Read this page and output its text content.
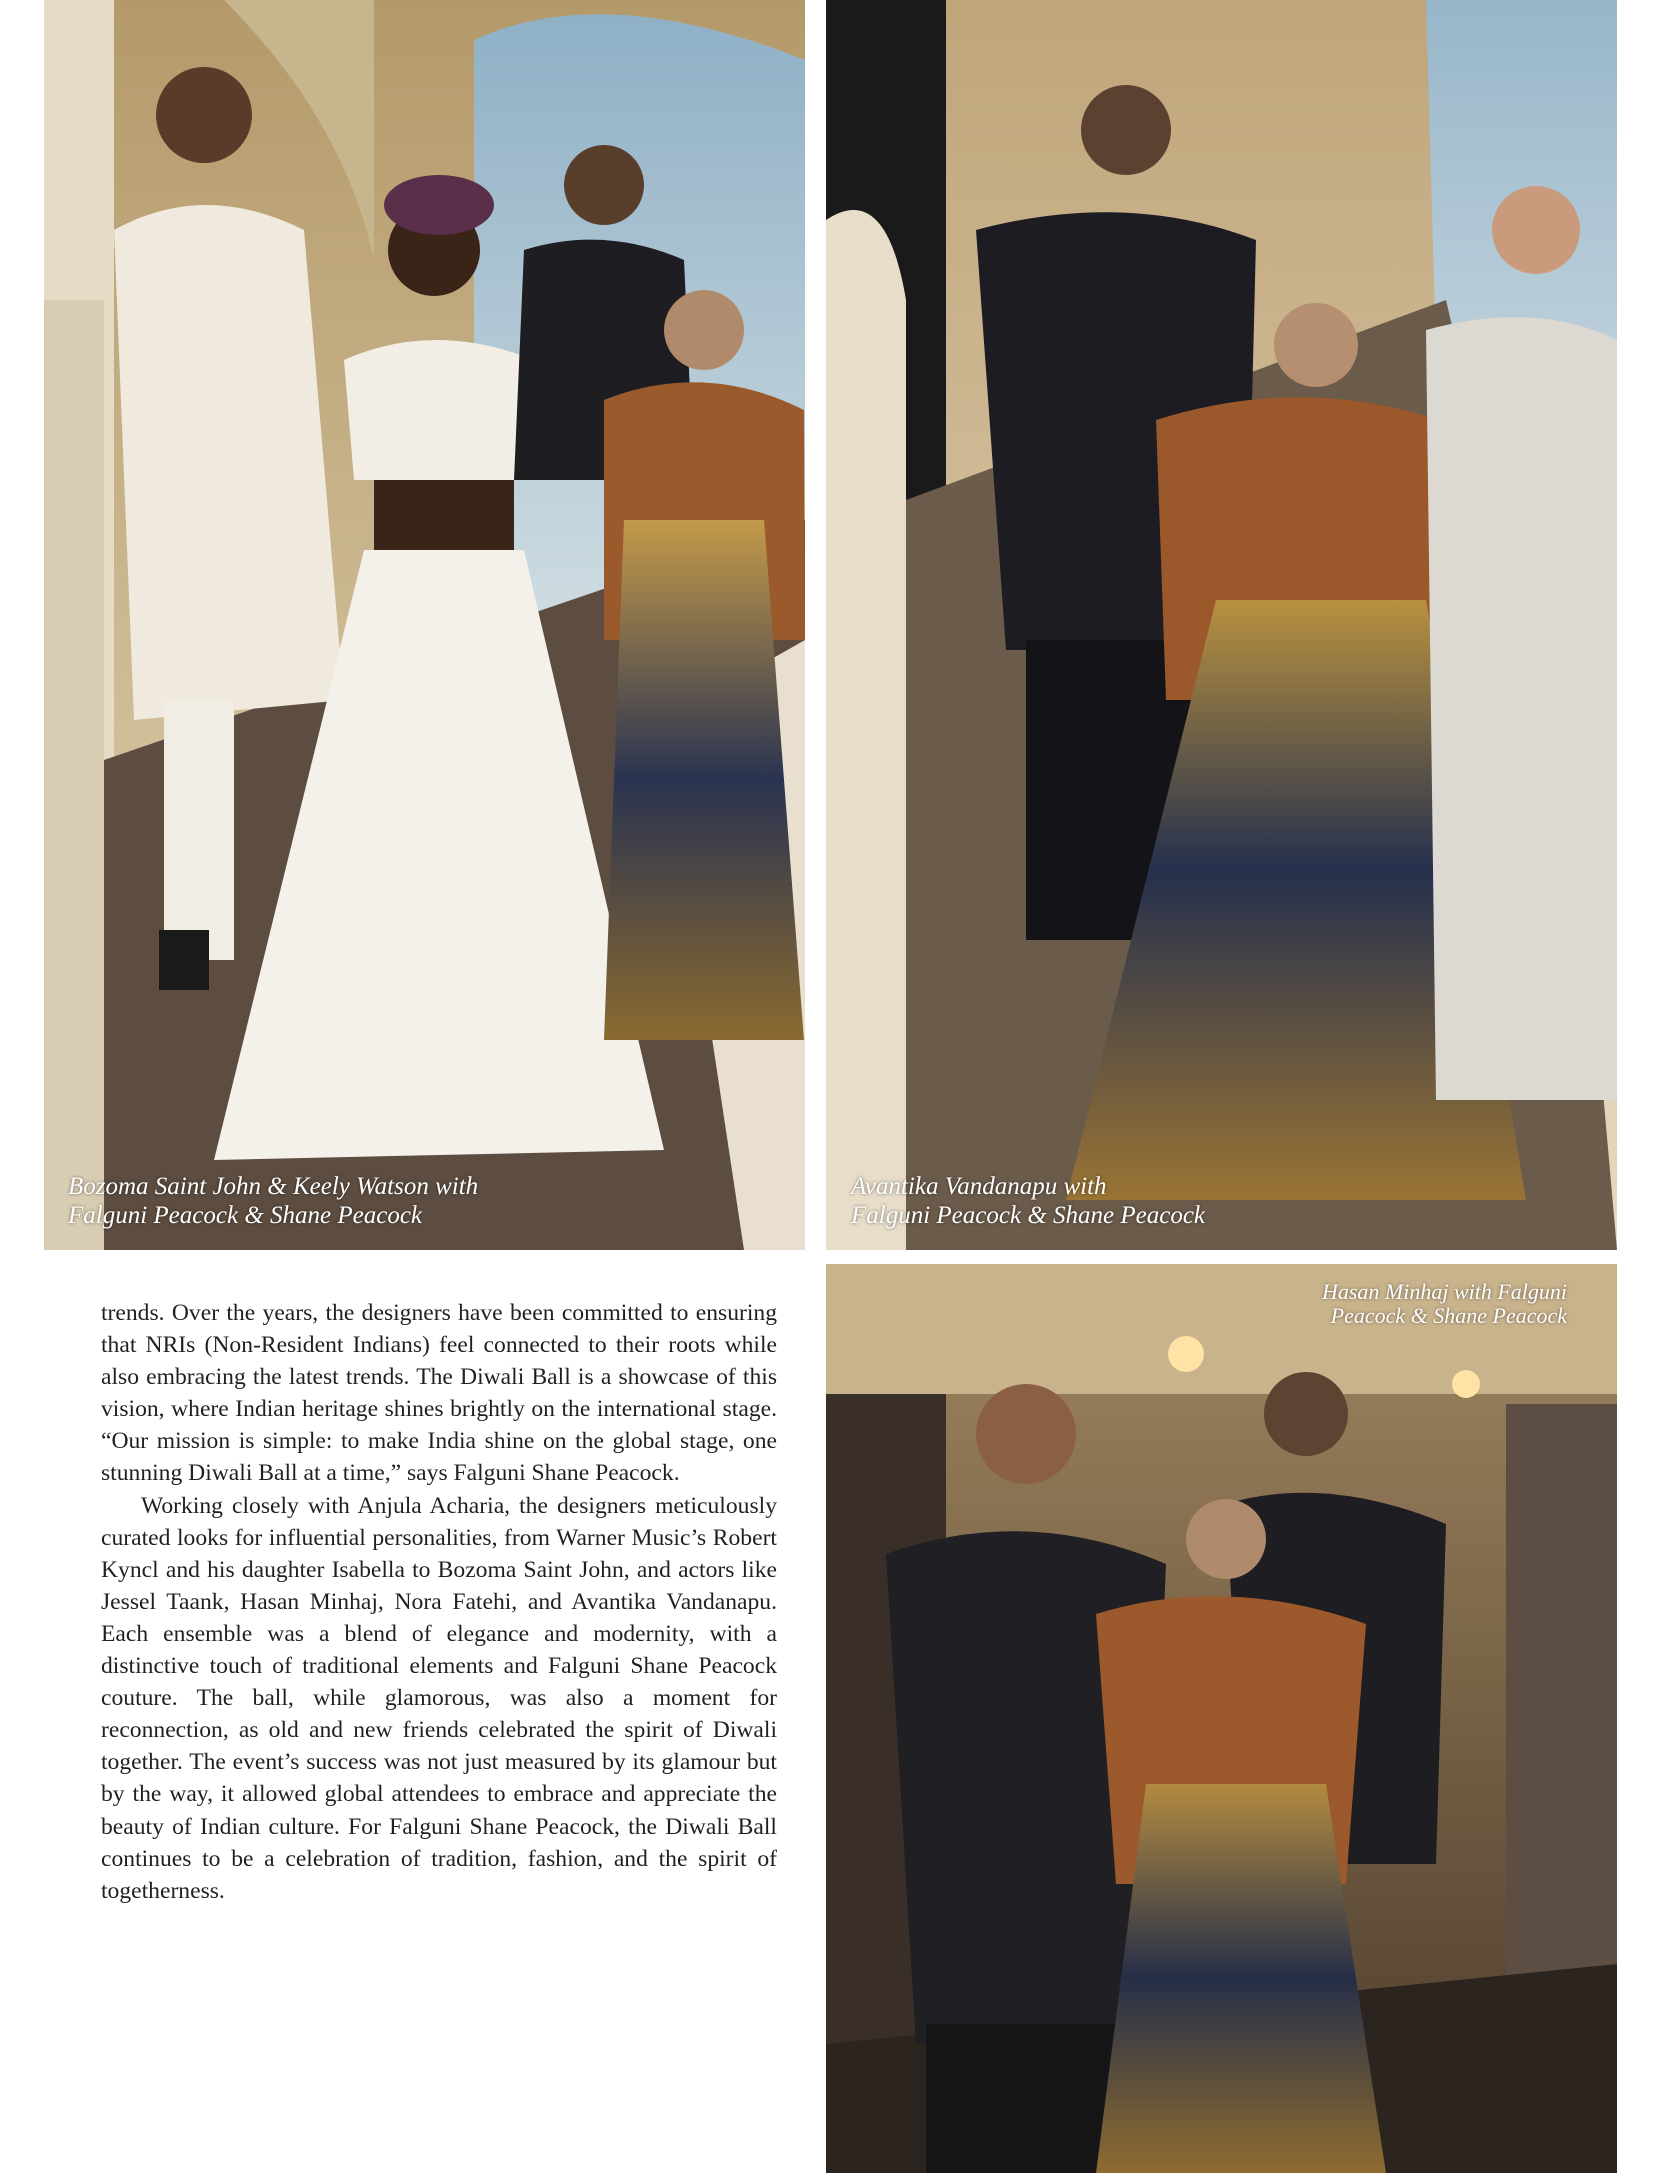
Bozoma Saint John & Keely Watson with
Falguni Peacock & Shane Peacock
Avantika Vandanapu with
Falguni Peacock & Shane Peacock
Hasan Minhaj with Falguni
Peacock & Shane Peacock

trends. Over the years, the designers have been committed to ensuring that NRIs (Non-Resident Indians) feel connected to their roots while also embracing the latest trends. The Diwali Ball is a showcase of this vision, where Indian heritage shines brightly on the international stage. “Our mission is simple: to make India shine on the global stage, one stunning Diwali Ball at a time,” says Falguni Shane Peacock.

Working closely with Anjula Acharia, the designers meticulously curated looks for influential personalities, from Warner Music’s Robert Kyncl and his daughter Isabella to Bozoma Saint John, and actors like Jessel Taank, Hasan Minhaj, Nora Fatehi, and Avantika Vandanapu. Each ensemble was a blend of elegance and modernity, with a distinctive touch of traditional elements and Falguni Shane Peacock couture. The ball, while glamorous, was also a moment for reconnection, as old and new friends celebrated the spirit of Diwali together. The event’s success was not just measured by its glamour but by the way, it allowed global attendees to embrace and appreciate the beauty of Indian culture. For Falguni Shane Peacock, the Diwali Ball continues to be a celebration of tradition, fashion, and the spirit of togetherness.
